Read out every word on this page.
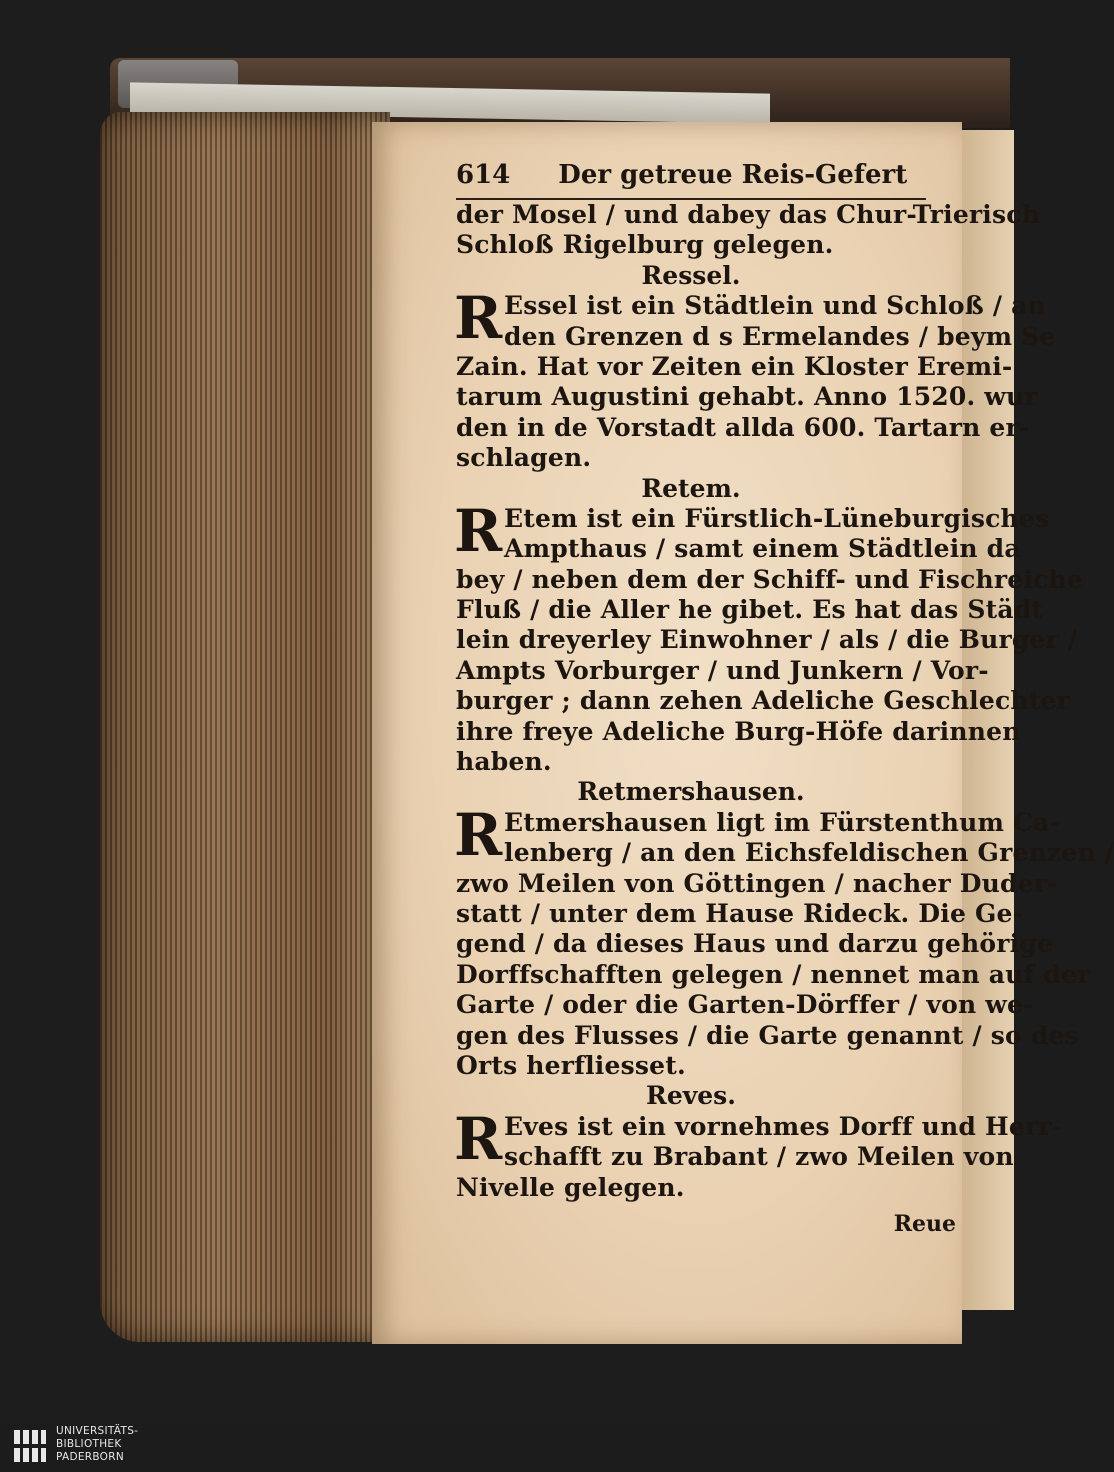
614 Der getreue Reis-Gefert
der Mosel / und dabey das Chur-Trierisch
Schloß Rigelburg gelegen.
Ressel.
R Essel ist ein Städtlein und Schloß / an
den Grenzen d s Ermelandes / beym Se
Zain. Hat vor Zeiten ein Kloster Eremi-
tarum Augustini gehabt. Anno 1520. wur
den in de Vorstadt allda 600. Tartarn er-
schlagen.
Retem.
R Etem ist ein Fürstlich-Lüneburgisches
Ampthaus / samt einem Städtlein da
bey / neben dem der Schiff- und Fischreiche
Fluß / die Aller he gibet. Es hat das Städt
lein dreyerley Einwohner / als / die Burger /
Ampts Vorburger / und Junkern / Vor-
burger ; dann zehen Adeliche Geschlechter
ihre freye Adeliche Burg-Höfe darinnen
haben.
Retmershausen.
R Etmershausen ligt im Fürstenthum Ca-
lenberg / an den Eichsfeldischen Grenzen /
zwo Meilen von Göttingen / nacher Duder-
statt / unter dem Hause Rideck. Die Ge-
gend / da dieses Haus und darzu gehörige
Dorffschafften gelegen / nennet man auf der
Garte / oder die Garten-Dörffer / von we-
gen des Flusses / die Garte genannt / so des
Orts herfliesset.
Reves.
R Eves ist ein vornehmes Dorff und Herr-
schafft zu Brabant / zwo Meilen von
Nivelle gelegen.
Reue
UNIVERSITÄTS-
BIBLIOTHEK
PADERBORN
